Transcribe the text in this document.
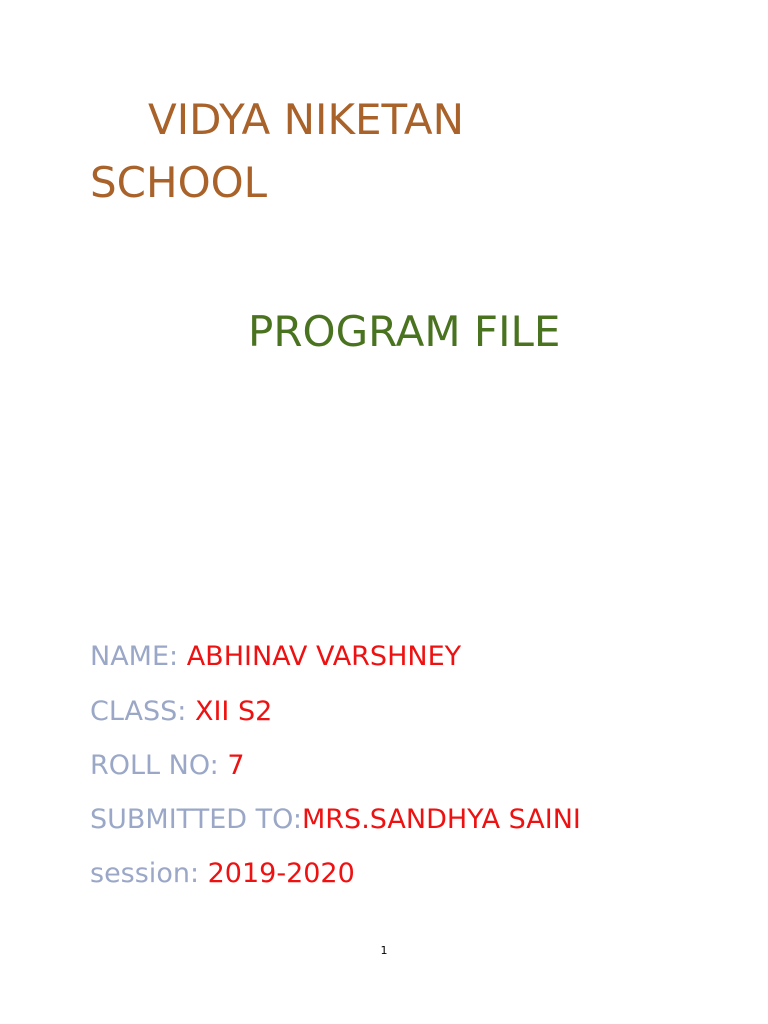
VIDYA NIKETAN
SCHOOL
PROGRAM FILE
NAME: ABHINAV VARSHNEY
CLASS: XII S2
ROLL NO: 7
SUBMITTED TO:MRS.SANDHYA SAINI
session: 2019-2020
1
